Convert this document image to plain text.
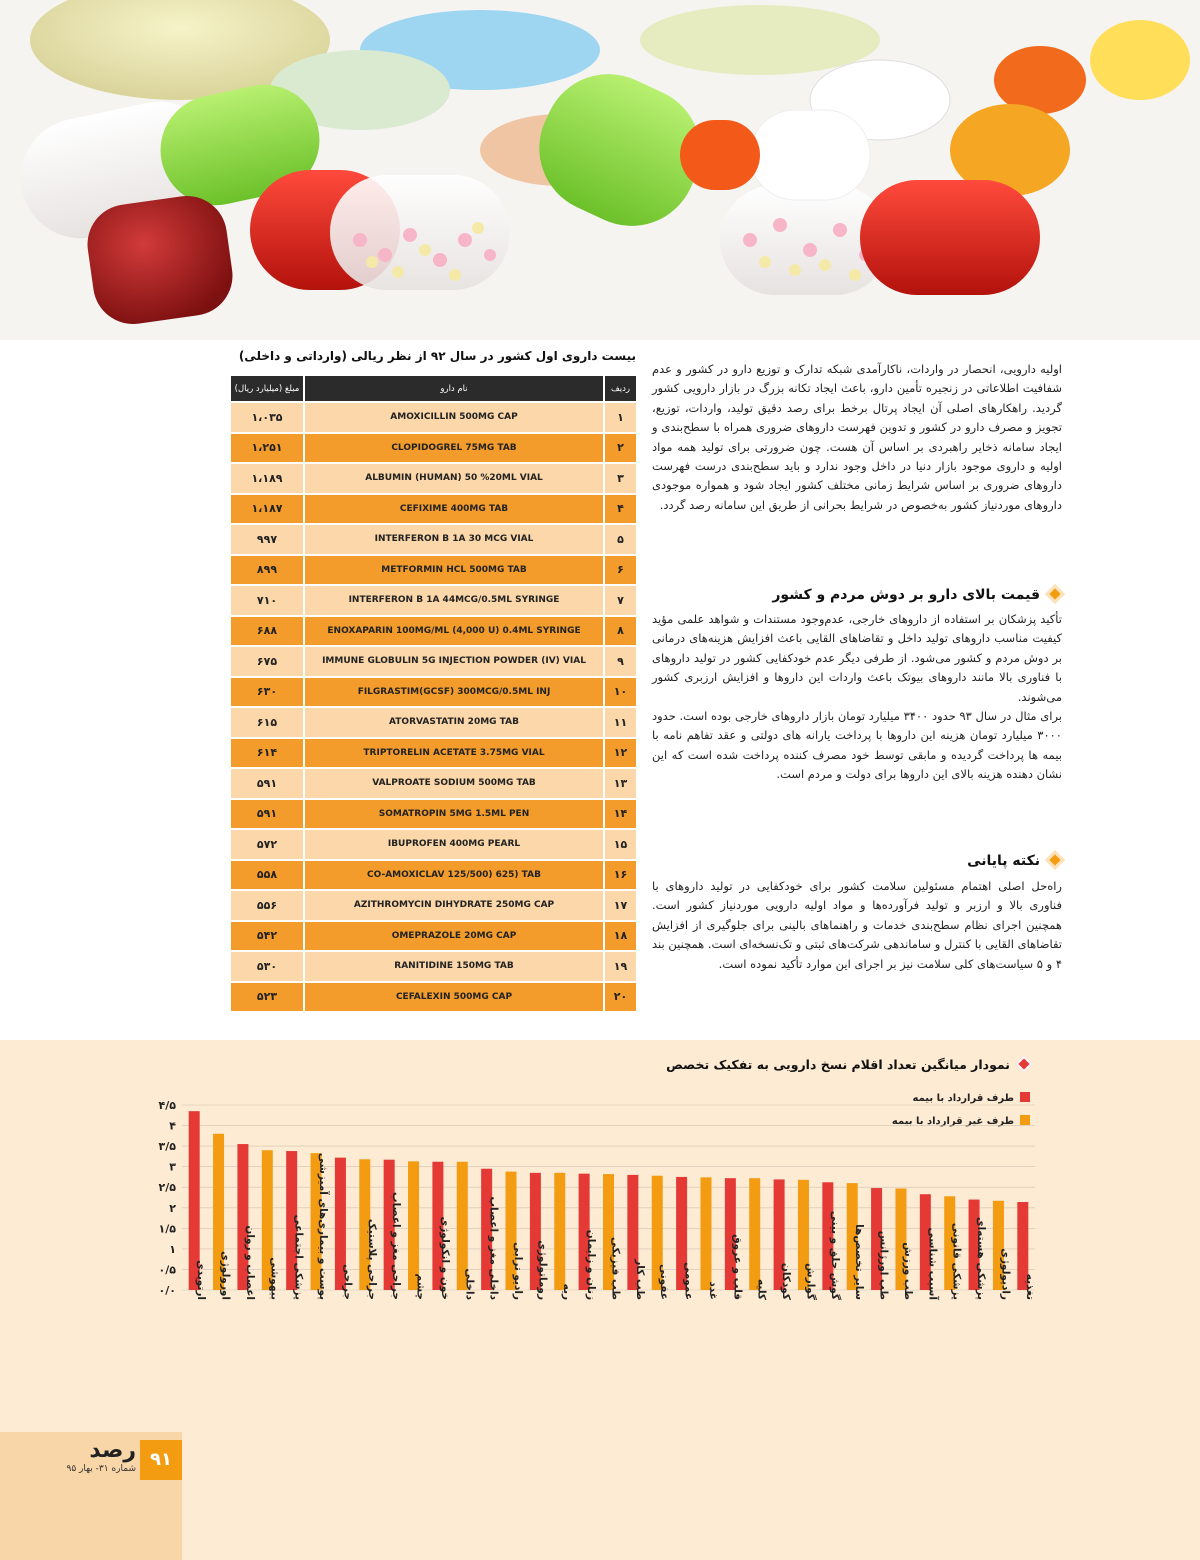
بیست داروی اول کشور در سال ۹۲ از نظر ریالی (وارداتی و داخلی)
ردیف	نام دارو	مبلغ (میلیارد ریال)
۱	AMOXICILLIN 500MG CAP	۱،۰۳۵
۲	CLOPIDOGREL 75MG TAB	۱،۲۵۱
۳	ALBUMIN (HUMAN) 50 %20ML VIAL	۱،۱۸۹
۴	CEFIXIME 400MG TAB	۱،۱۸۷
۵	INTERFERON B 1A 30 MCG VIAL	۹۹۷
۶	METFORMIN HCL 500MG TAB	۸۹۹
۷	INTERFERON B 1A 44MCG/0.5ML SYRINGE	۷۱۰
۸	ENOXAPARIN 100MG/ML (4,000 U) 0.4ML SYRINGE	۶۸۸
۹	IMMUNE GLOBULIN 5G INJECTION POWDER (IV) VIAL	۶۷۵
۱۰	FILGRASTIM(GCSF) 300MCG/0.5ML INJ	۶۳۰
۱۱	ATORVASTATIN 20MG TAB	۶۱۵
۱۲	TRIPTORELIN ACETATE 3.75MG VIAL	۶۱۴
۱۳	VALPROATE SODIUM 500MG TAB	۵۹۱
۱۴	SOMATROPIN 5MG 1.5ML PEN	۵۹۱
۱۵	IBUPROFEN 400MG PEARL	۵۷۲
۱۶	CO-AMOXICLAV 125/500) 625) TAB	۵۵۸
۱۷	AZITHROMYCIN DIHYDRATE 250MG CAP	۵۵۶
۱۸	OMEPRAZOLE 20MG CAP	۵۴۲
۱۹	RANITIDINE 150MG TAB	۵۳۰
۲۰	CEFALEXIN 500MG CAP	۵۲۳
اولیه دارویی، انحصار در واردات، ناکارآمدی شبکه تدارک و توزیع دارو در کشور و عدم شفافیت اطلاعاتی در زنجیره تأمین دارو، باعث ایجاد تکانه بزرگ در بازار دارویی کشور گردید. راهکارهای اصلی آن ایجاد پرتال برخط برای رصد دقیق تولید، واردات، توزیع، تجویز و مصرف دارو در کشور و تدوین فهرست داروهای ضروری همراه با سطح‌بندی و ایجاد سامانه ذخایر راهبردی بر اساس آن هست. چون ضرورتی برای تولید همه مواد اولیه و داروی موجود بازار دنیا در داخل وجود ندارد و باید سطح‌بندی درست فهرست داروهای ضروری بر اساس شرایط زمانی مختلف کشور ایجاد شود و همواره موجودی داروهای موردنیاز کشور به‌خصوص در شرایط بحرانی از طریق این سامانه رصد گردد.
قیمت بالای دارو بر دوش مردم و کشور
تأکید پزشکان بر استفاده از داروهای خارجی، عدم‌وجود مستندات و شواهد علمی مؤید کیفیت مناسب داروهای تولید داخل و تقاضاهای القایی باعث افزایش هزینه‌های درمانی بر دوش مردم و کشور می‌شود. از طرفی دیگر عدم خودکفایی کشور در تولید داروهای با فناوری بالا مانند داروهای بیوتک باعث واردات این داروها و افزایش ارزبری کشور می‌شوند.
برای مثال در سال ۹۳ حدود ۳۴۰۰ میلیارد تومان بازار داروهای خارجی بوده است. حدود ۳۰۰۰ میلیارد تومان هزینه این داروها با پرداخت یارانه های دولتی و عقد تفاهم نامه با بیمه ها پرداخت گردیده و مابقی توسط خود مصرف کننده پرداخت شده است که این نشان دهنده هزینه بالای این داروها برای دولت و مردم است.
نکته پایانی
راه‌حل اصلی اهتمام مسئولین سلامت کشور برای خودکفایی در تولید داروهای با فناوری بالا و ارزبر و تولید فرآورده‌ها و مواد اولیه دارویی موردنیاز کشور است. همچنین اجرای نظام سطح‌بندی خدمات و راهنماهای بالینی برای جلوگیری از افزایش تقاضاهای القایی با کنترل و ساماندهی شرکت‌های ثبتی و تک‌نسخه‌ای است. همچنین بند ۴ و ۵ سیاست‌های کلی سلامت نیز بر اجرای این موارد تأکید نموده است.
نمودار میانگین تعداد اقلام نسخ دارویی به تفکیک تخصص
طرف قرارداد با بیمه
طرف غیر قرارداد با بیمه
۰/۰
۰/۵
۱
۱/۵
۲
۲/۵
۳
۳/۵
۴
۴/۵
ارتوپدی اورولوژی اعصاب و روان بیهوشی پزشکی اجتماعی پوست و بیماری‌های آمیزشی جراحی جراحی پلاستیک جراحی مغز و اعصاب چشم خون و انکولوژی داخلی داخلی مغز و اعصاب رادیو ترابی روماتولوژی ریه زنان و زایمان طب فیزیکی طب کار عفونی عمومی غدد قلب و عروق کلیه کودکان گوارش گوش حلق و بینی سایر تخصص‌ها طب اورژانس طب ورزش آسیب شناسی پزشکی قانونی پزشکی هسته‌ای رادیولوژی تغذیه
۹۱
رصد
شماره ۳۱- بهار ۹۵
